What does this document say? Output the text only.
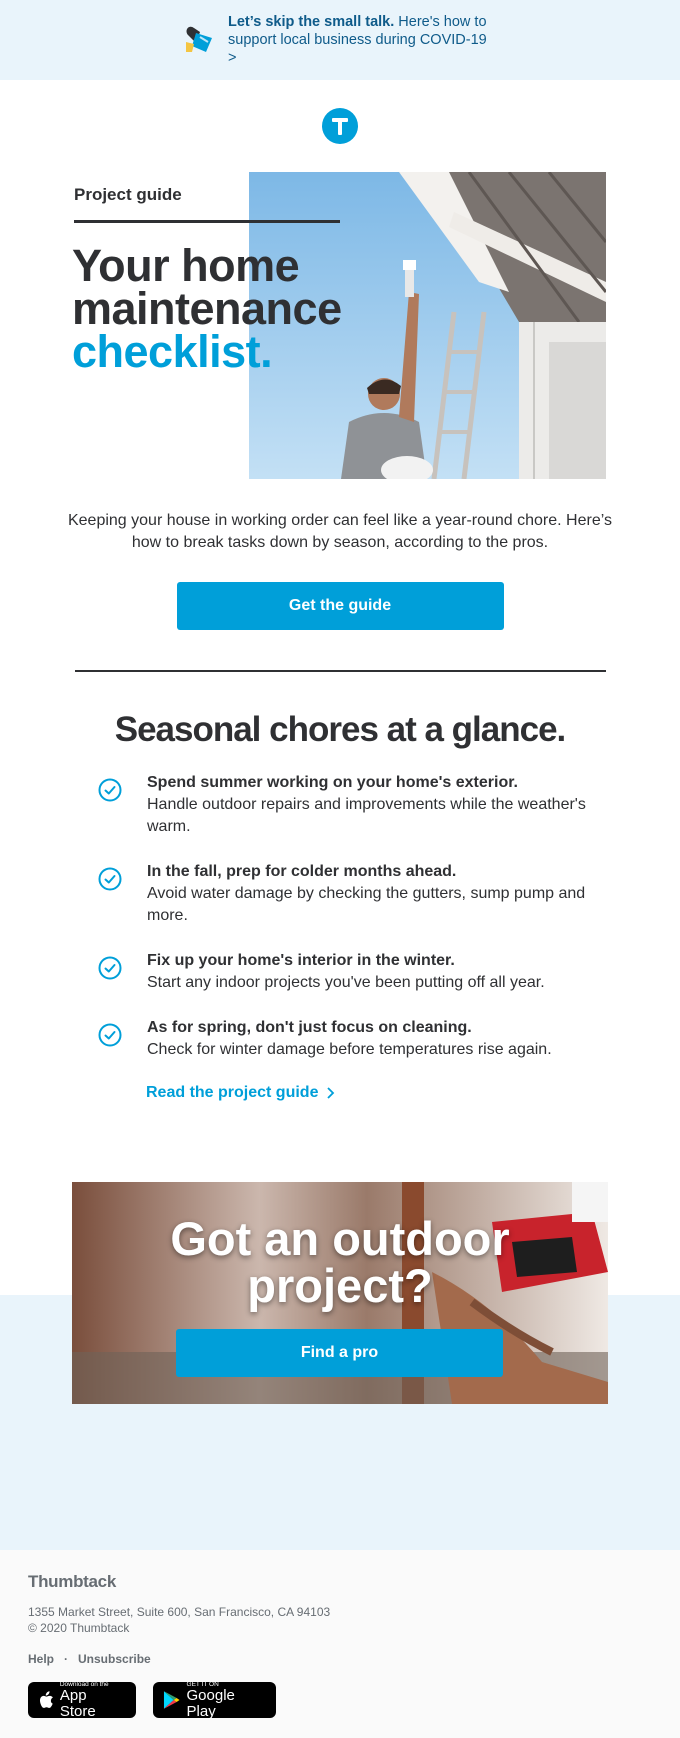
Let’s skip the small talk. Here's how to support local business during COVID-19 >
Project guide
Your home
maintenance
checklist.

Keeping your house in working order can feel like a year-round chore. Here’s how to break tasks down by season, according to the pros.

Get the guide
Seasonal chores at a glance.
Spend summer working on your home's exterior.
Handle outdoor repairs and improvements while the weather's warm.
In the fall, prep for colder months ahead.
Avoid water damage by checking the gutters, sump pump and more.
Fix up your home's interior in the winter.
Start any indoor projects you've been putting off all year.
As for spring, don't just focus on cleaning.
Check for winter damage before temperatures rise again.
Read the project guide
Got an outdoor project?
Find a pro
Thumbtack
1355 Market Street, Suite 600, San Francisco, CA 94103
© 2020 Thumbtack
Help · Unsubscribe
Download on the
App Store
GET IT ON
Google Play
